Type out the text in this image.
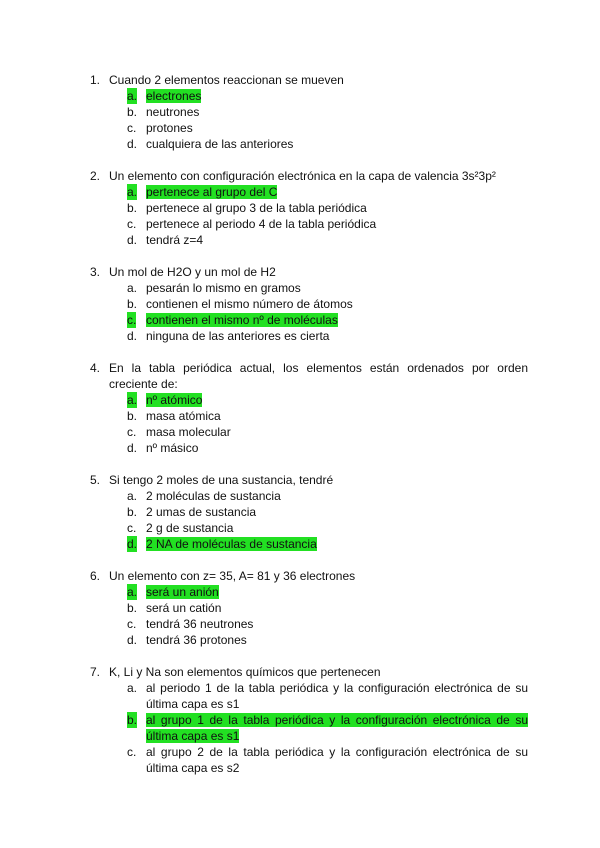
1. Cuando 2 elementos reaccionan se mueven
a. electrones
b. neutrones
c. protones
d. cualquiera de las anteriores
2. Un elemento con configuración electrónica en la capa de valencia 3s²3p²
a. pertenece al grupo del C
b. pertenece al grupo 3 de la tabla periódica
c. pertenece al periodo 4 de la tabla periódica
d. tendrá z=4
3. Un mol de H2O y un mol de H2
a. pesarán lo mismo en gramos
b. contienen el mismo número de átomos
c. contienen el mismo nº de moléculas
d. ninguna de las anteriores es cierta
4. En la tabla periódica actual, los elementos están ordenados por orden creciente de:
a. nº atómico
b. masa atómica
c. masa molecular
d. nº másico
5. Si tengo 2 moles de una sustancia, tendré
a. 2 moléculas de sustancia
b. 2 umas de sustancia
c. 2 g de sustancia
d. 2 NA de moléculas de sustancia
6. Un elemento con z= 35, A= 81 y 36 electrones
a. será un anión
b. será un catión
c. tendrá 36 neutrones
d. tendrá 36 protones
7. K, Li y Na son elementos químicos que pertenecen
a. al periodo 1 de la tabla periódica y la configuración electrónica de su última capa es s1
b. al grupo 1 de la tabla periódica y la configuración electrónica de su última capa es s1
c. al grupo 2 de la tabla periódica y la configuración electrónica de su última capa es s2
